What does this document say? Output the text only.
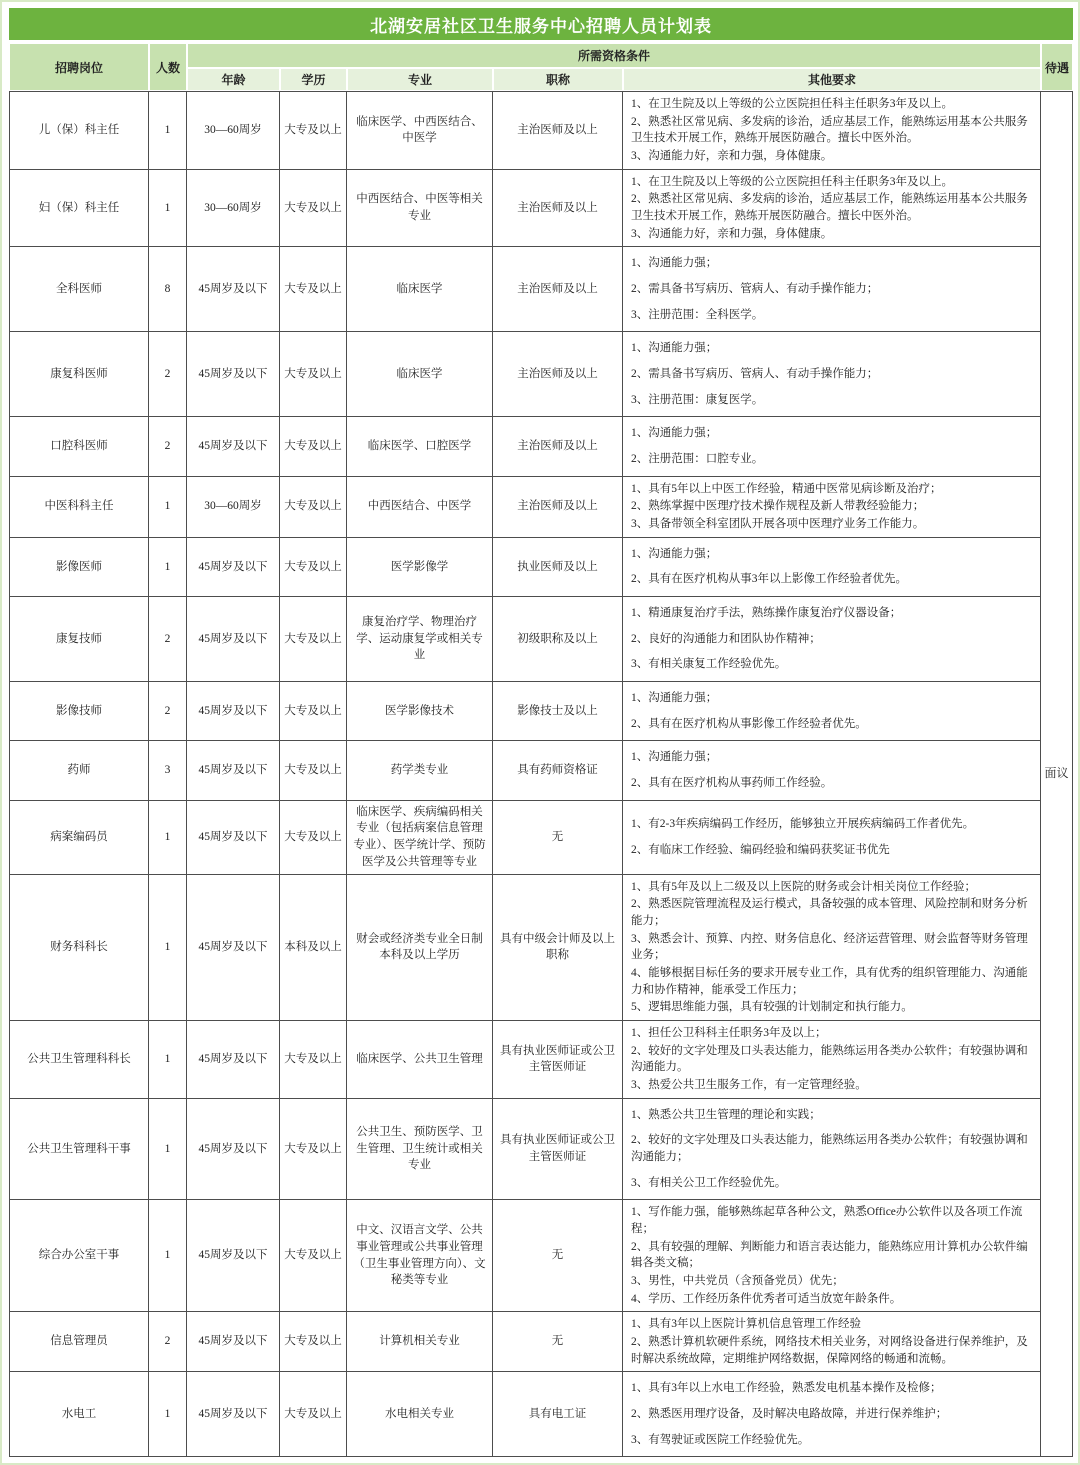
北湖安居社区卫生服务中心招聘人员计划表							
招聘岗位	人数	所需资格条件					待遇
		年龄	学历	专业	职称	其他要求	
儿（保）科主任	1	30—60周岁	大专及以上	临床医学、中西医结合、中医学	主治医师及以上	1、在卫生院及以上等级的公立医院担任科主任职务3年及以上。
2、熟悉社区常见病、多发病的诊治，适应基层工作，能熟练运用基本公共服务卫生技术开展工作，熟练开展医防融合。擅长中医外治。
3、沟通能力好，亲和力强，身体健康。	面议
妇（保）科主任	1	30—60周岁	大专及以上	中西医结合、中医等相关专业	主治医师及以上	1、在卫生院及以上等级的公立医院担任科主任职务3年及以上。
2、熟悉社区常见病、多发病的诊治，适应基层工作，能熟练运用基本公共服务卫生技术开展工作，熟练开展医防融合。擅长中医外治。
3、沟通能力好，亲和力强，身体健康。	

全科医师	8	45周岁及以下	大专及以上	临床医学	主治医师及以上	1、沟通能力强；
2、需具备书写病历、管病人、有动手操作能力；
3、注册范围：全科医学。	

康复科医师	2	45周岁及以下	大专及以上	临床医学	主治医师及以上	1、沟通能力强；
2、需具备书写病历、管病人、有动手操作能力；
3、注册范围：康复医学。	

口腔科医师	2	45周岁及以下	大专及以上	临床医学、口腔医学	主治医师及以上	1、沟通能力强；
2、注册范围：口腔专业。	

中医科科主任	1	30—60周岁	大专及以上	中西医结合、中医学	主治医师及以上	1、具有5年以上中医工作经验，精通中医常见病诊断及治疗；
2、熟练掌握中医理疗技术操作规程及新人带教经验能力；
3、具备带领全科室团队开展各项中医理疗业务工作能力。	

影像医师	1	45周岁及以下	大专及以上	医学影像学	执业医师及以上	1、沟通能力强；
2、具有在医疗机构从事3年以上影像工作经验者优先。	

康复技师	2	45周岁及以下	大专及以上	康复治疗学、物理治疗学、运动康复学或相关专业	初级职称及以上	1、精通康复治疗手法，熟练操作康复治疗仪器设备；
2、良好的沟通能力和团队协作精神；
3、有相关康复工作经验优先。	

影像技师	2	45周岁及以下	大专及以上	医学影像技术	影像技士及以上	1、沟通能力强；
2、具有在医疗机构从事影像工作经验者优先。	

药师	3	45周岁及以下	大专及以上	药学类专业	具有药师资格证	1、沟通能力强；
2、具有在医疗机构从事药师工作经验。	

病案编码员	1	45周岁及以下	大专及以上	临床医学、疾病编码相关专业（包括病案信息管理专业）、医学统计学、预防医学及公共管理等专业	无	1、有2-3年疾病编码工作经历，能够独立开展疾病编码工作者优先。
2、有临床工作经验、编码经验和编码获奖证书优先	

财务科科长	1	45周岁及以下	本科及以上	财会或经济类专业全日制本科及以上学历	具有中级会计师及以上职称	1、具有5年及以上二级及以上医院的财务或会计相关岗位工作经验；
2、熟悉医院管理流程及运行模式，具备较强的成本管理、风险控制和财务分析能力；
3、熟悉会计、预算、内控、财务信息化、经济运营管理、财会监督等财务管理业务；
4、能够根据目标任务的要求开展专业工作，具有优秀的组织管理能力、沟通能力和协作精神，能承受工作压力；
5、逻辑思维能力强，具有较强的计划制定和执行能力。	

公共卫生管理科科长	1	45周岁及以下	大专及以上	临床医学、公共卫生管理	具有执业医师证或公卫主管医师证	1、担任公卫科科主任职务3年及以上；
2、较好的文字处理及口头表达能力，能熟练运用各类办公软件；有较强协调和沟通能力。
3、热爱公共卫生服务工作，有一定管理经验。	

公共卫生管理科干事	1	45周岁及以下	大专及以上	公共卫生、预防医学、卫生管理、卫生统计或相关专业	具有执业医师证或公卫主管医师证	1、熟悉公共卫生管理的理论和实践；
2、较好的文字处理及口头表达能力，能熟练运用各类办公软件；有较强协调和沟通能力；
3、有相关公卫工作经验优先。	

综合办公室干事	1	45周岁及以下	大专及以上	中文、汉语言文学、公共事业管理或公共事业管理（卫生事业管理方向）、文秘类等专业	无	1、写作能力强，能够熟练起草各种公文，熟悉Office办公软件以及各项工作流程；
2、具有较强的理解、判断能力和语言表达能力，能熟练应用计算机办公软件编辑各类文稿；
3、男性，中共党员（含预备党员）优先；
4、学历、工作经历条件优秀者可适当放宽年龄条件。	

信息管理员	2	45周岁及以下	大专及以上	计算机相关专业	无	1、具有3年以上医院计算机信息管理工作经验
2、熟悉计算机软硬件系统，网络技术相关业务，对网络设备进行保养维护，及时解决系统故障，定期维护网络数据，保障网络的畅通和流畅。	

水电工	1	45周岁及以下	大专及以上	水电相关专业	具有电工证	1、具有3年以上水电工作经验，熟悉发电机基本操作及检修；
2、熟悉医用理疗设备，及时解决电路故障，并进行保养维护；
3、有驾驶证或医院工作经验优先。	
